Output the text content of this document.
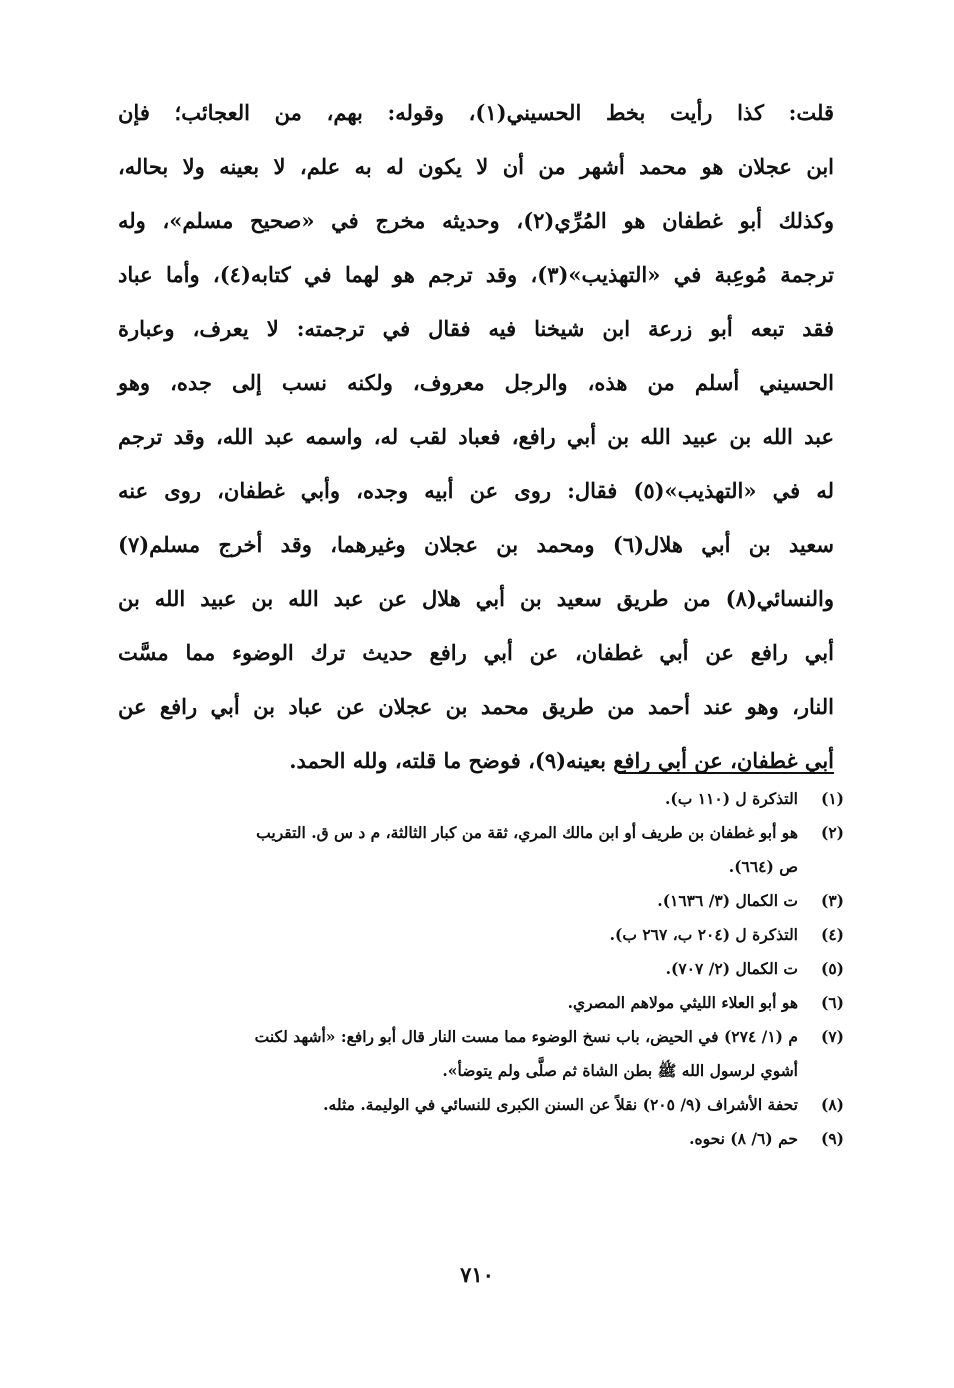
قلت: كذا رأيت بخط الحسيني(١)، وقوله: بهم، من العجائب؛ فإن
ابن عجلان هو محمد أشهر من أن لا يكون له به علم، لا بعينه ولا بحاله،
وكذلك أبو غطفان هو المُرِّي(٢)، وحديثه مخرج في «صحيح مسلم»، وله
ترجمة مُوعِبة في «التهذيب»(٣)، وقد ترجم هو لهما في كتابه(٤)، وأما عباد
فقد تبعه أبو زرعة ابن شيخنا فيه فقال في ترجمته: لا يعرف، وعبارة
الحسيني أسلم من هذه، والرجل معروف، ولكنه نسب إلى جده، وهو
عبد الله بن عبيد الله بن أبي رافع، فعباد لقب له، واسمه عبد الله، وقد ترجم
له في «التهذيب»(٥) فقال: روى عن أبيه وجده، وأبي غطفان، روى عنه
سعيد بن أبي هلال(٦) ومحمد بن عجلان وغيرهما، وقد أخرج مسلم(٧)
والنسائي(٨) من طريق سعيد بن أبي هلال عن عبد الله بن عبيد الله بن
أبي رافع عن أبي غطفان، عن أبي رافع حديث ترك الوضوء مما مسَّت
النار، وهو عند أحمد من طريق محمد بن عجلان عن عباد بن أبي رافع عن
أبي غطفان، عن أبي رافع بعينه(٩)، فوضح ما قلته، ولله الحمد.
(١)
التذكرة ل (١١٠ ب).
(٢)
هو أبو غطفان بن طريف أو ابن مالك المري، ثقة من كبار الثالثة، م د س ق. التقريب
ص (٦٦٤).
(٣)
ت الكمال (٣/ ١٦٣٦).
(٤)
التذكرة ل (٢٠٤ ب، ٢٦٧ ب).
(٥)
ت الكمال (٢/ ٧٠٧).
(٦)
هو أبو العلاء الليثي مولاهم المصري.
(٧)
م (١/ ٢٧٤) في الحيض، باب نسخ الوضوء مما مست النار قال أبو رافع: «أشهد لكنت
أشوي لرسول الله ﷺ بطن الشاة ثم صلَّى ولم يتوضأ».
(٨)
تحفة الأشراف (٩/ ٢٠٥) نقلاً عن السنن الكبرى للنسائي في الوليمة. مثله.
(٩)
حم (٦/ ٨) نحوه.
٧١٠
